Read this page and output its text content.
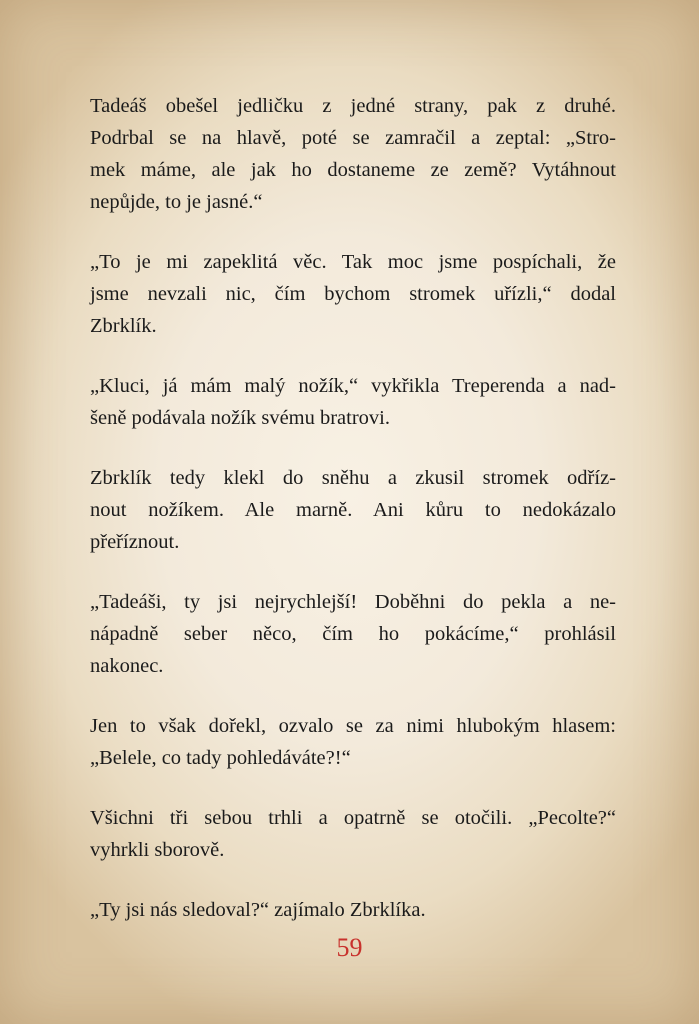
Tadeáš obešel jedličku z jedné strany, pak z druhé.
Podrbal se na hlavě, poté se zamračil a zeptal: „Stro-
mek máme, ale jak ho dostaneme ze země? Vytáhnout
nepůjde, to je jasné.“

„To je mi zapeklitá věc. Tak moc jsme pospíchali, že
jsme nevzali nic, čím bychom stromek uřízli,“ dodal
Zbrklík.

„Kluci, já mám malý nožík,“ vykřikla Treperenda a nad-
šeně podávala nožík svému bratrovi.

Zbrklík tedy klekl do sněhu a zkusil stromek odříz-
nout nožíkem. Ale marně. Ani kůru to nedokázalo
přeříznout.

„Tadeáši, ty jsi nejrychlejší! Doběhni do pekla a ne-
nápadně seber něco, čím ho pokácíme,“ prohlásil
nakonec.

Jen to však dořekl, ozvalo se za nimi hlubokým hlasem:
„Belele, co tady pohledáváte?!“

Všichni tři sebou trhli a opatrně se otočili. „Pecolte?“
vyhrkli sborově.

„Ty jsi nás sledoval?“ zajímalo Zbrklíka.

59
